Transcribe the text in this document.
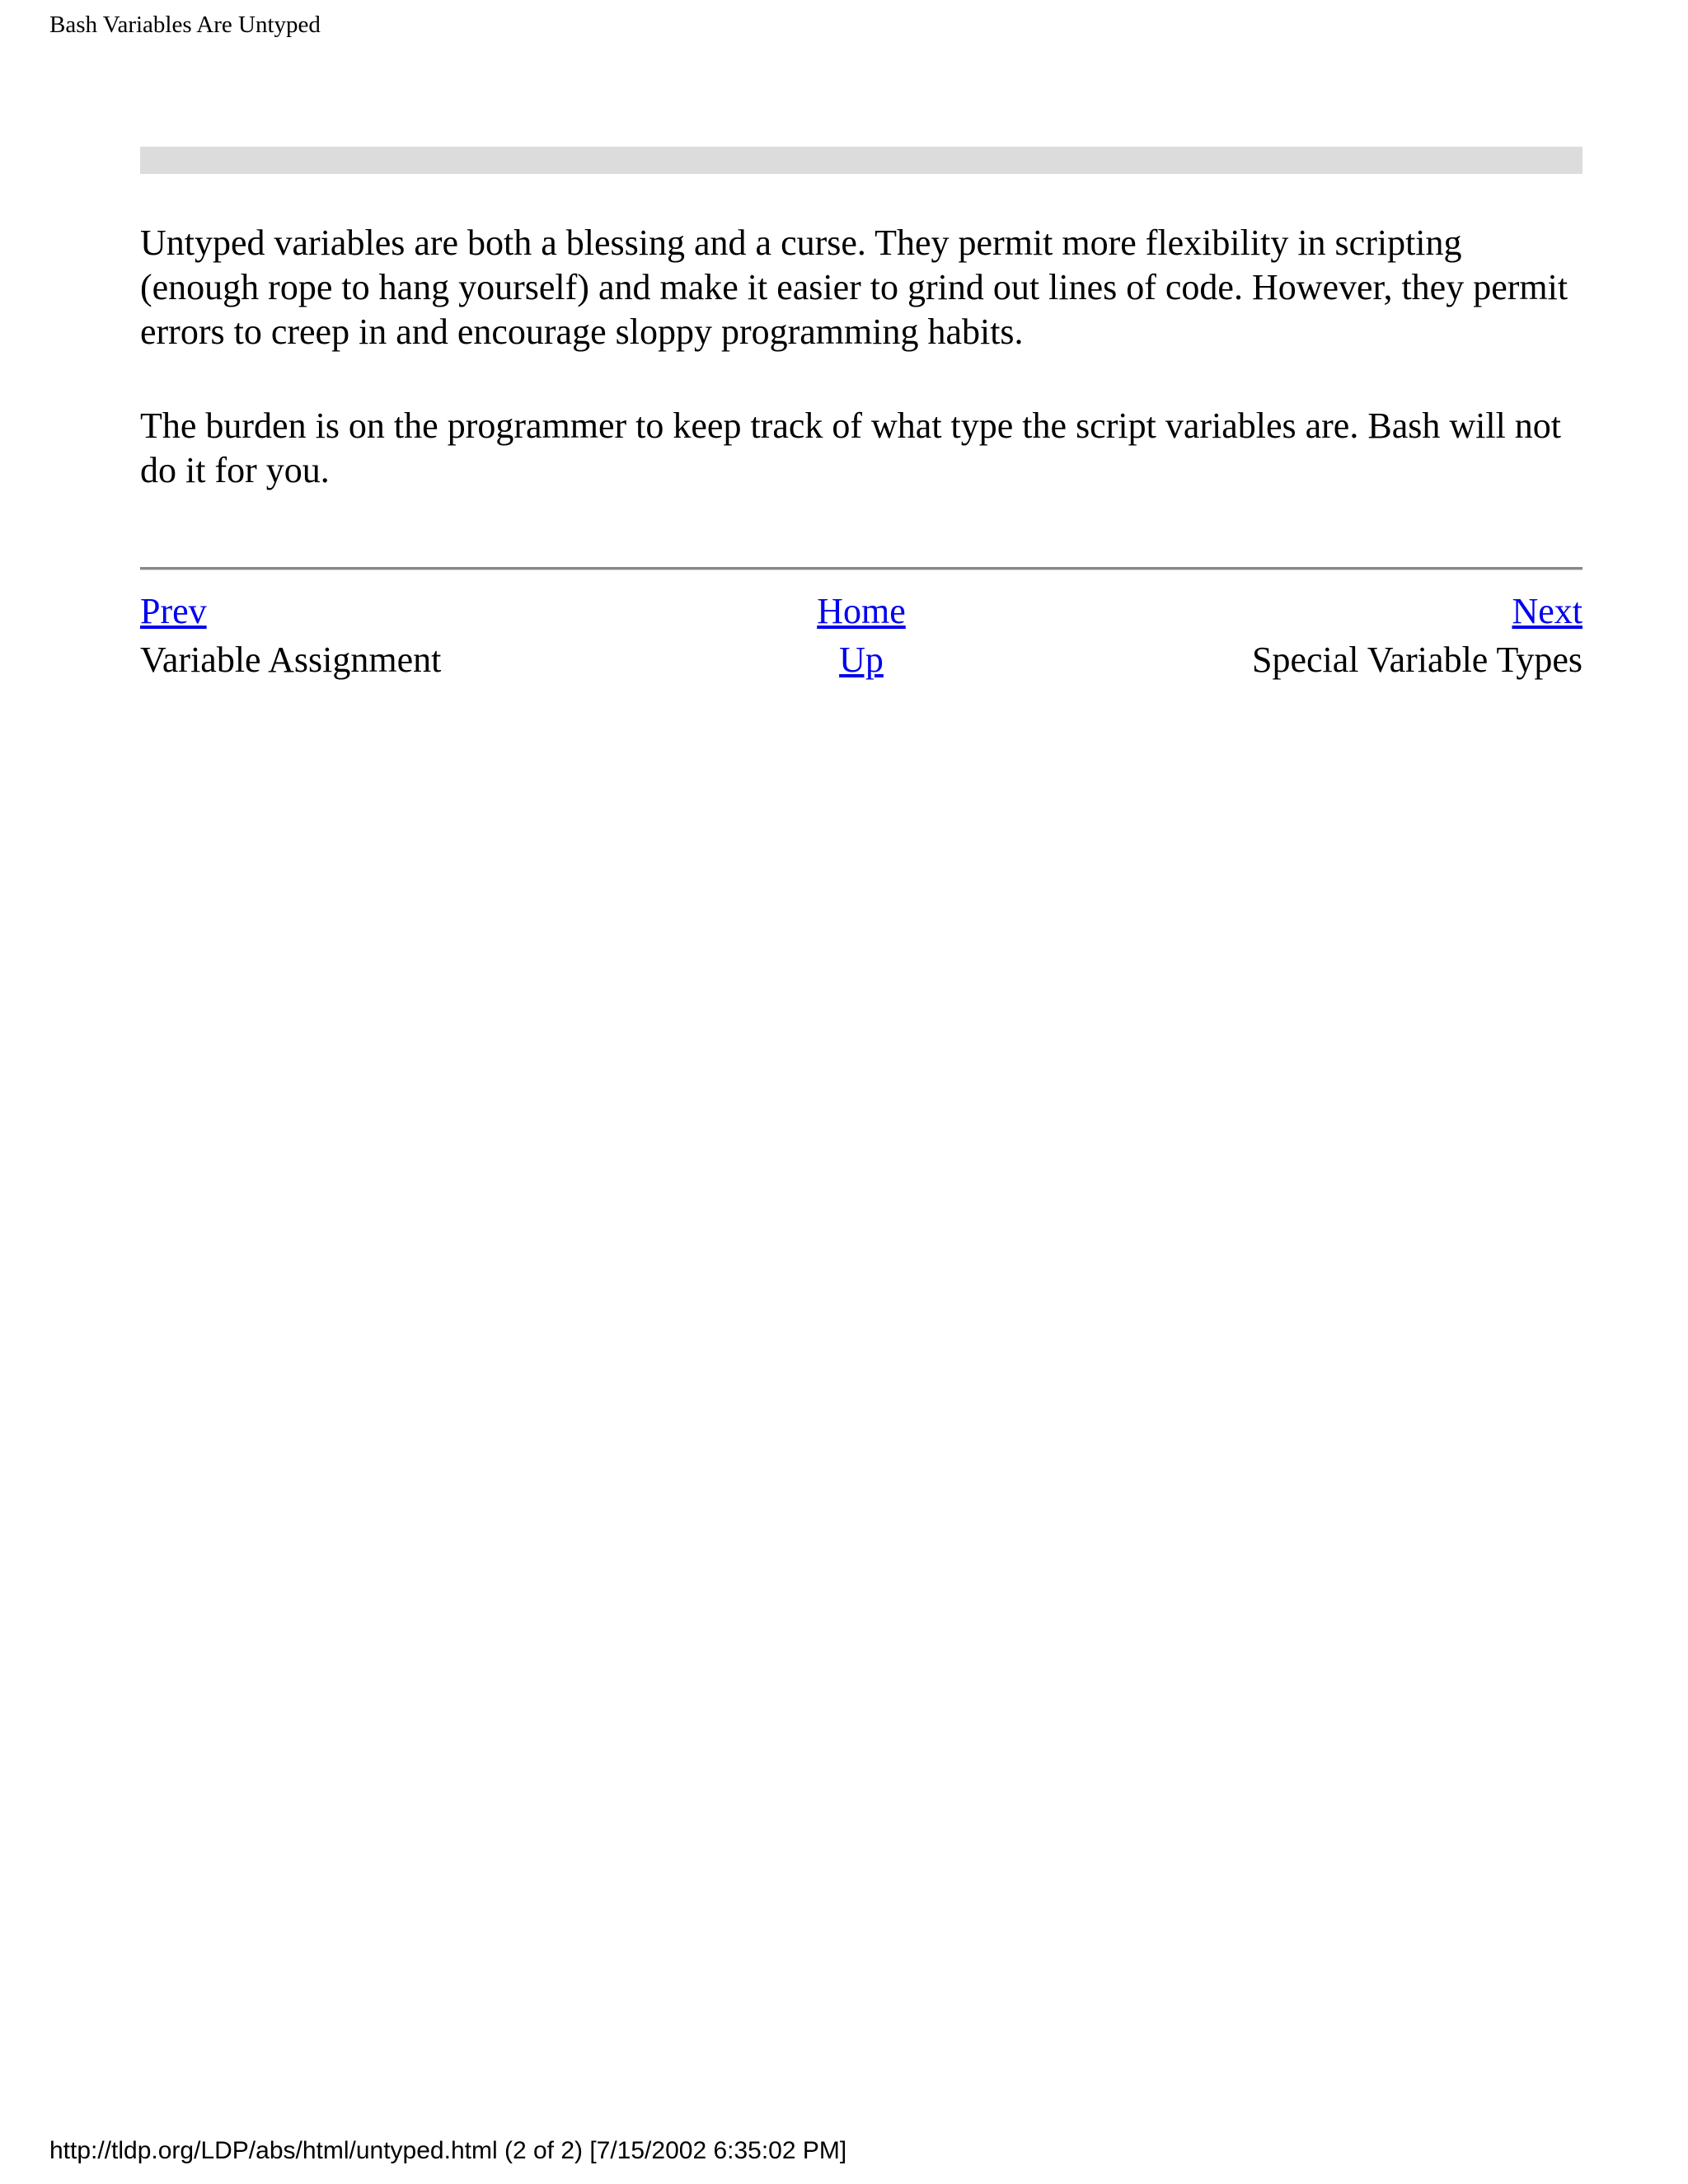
Bash Variables Are Untyped

Untyped variables are both a blessing and a curse. They permit more flexibility in scripting (enough rope to hang yourself) and make it easier to grind out lines of code. However, they permit errors to creep in and encourage sloppy programming habits.

The burden is on the programmer to keep track of what type the script variables are. Bash will not do it for you.

Prev	Home	Next
Variable Assignment	Up	Special Variable Types
http://tldp.org/LDP/abs/html/untyped.html (2 of 2) [7/15/2002 6:35:02 PM]
